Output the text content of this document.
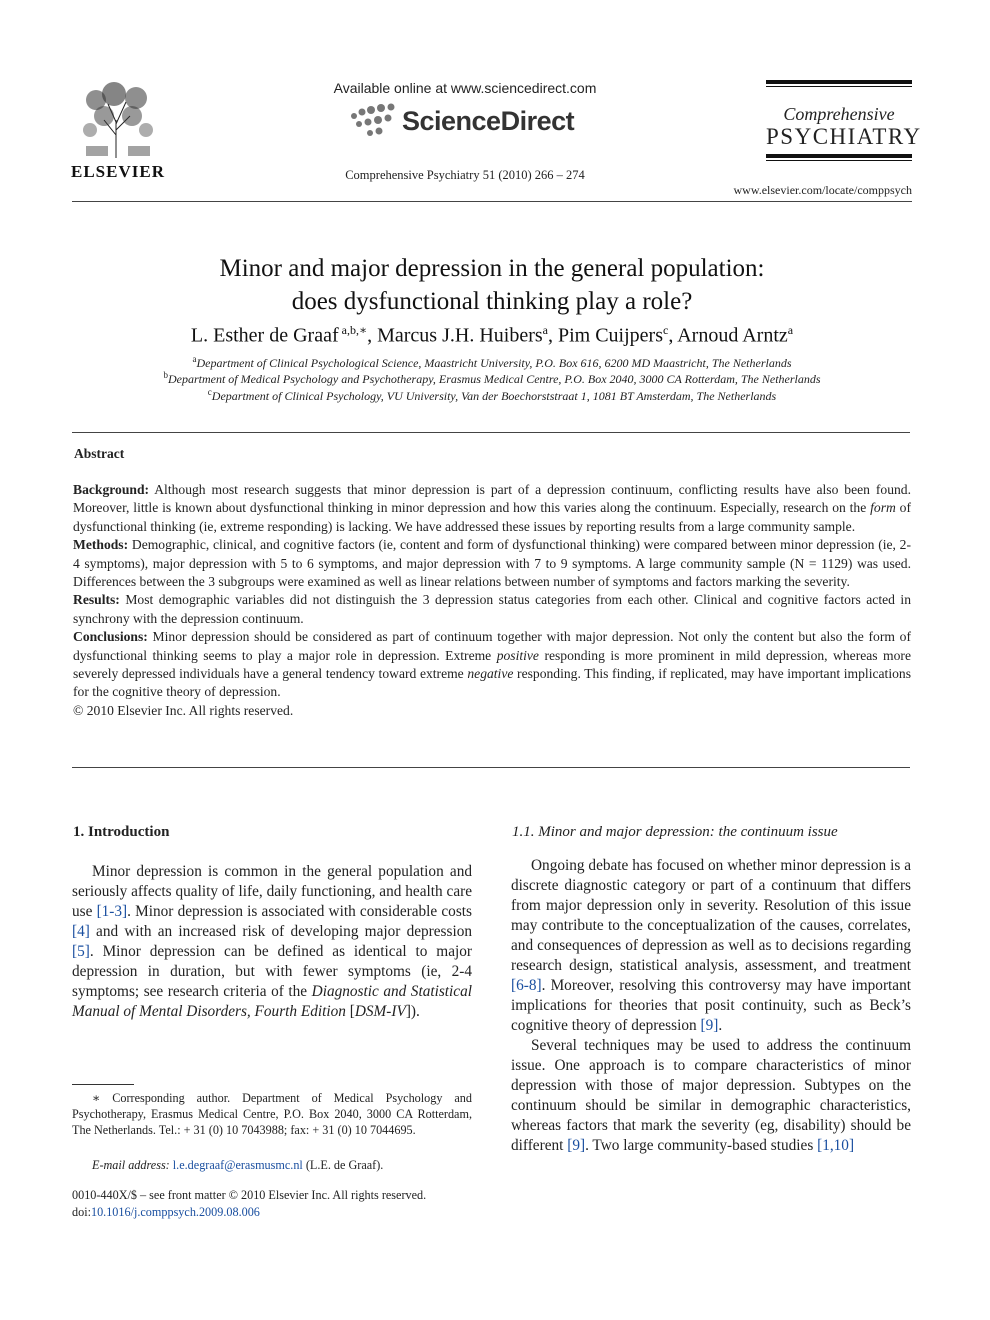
ELSEVIER
Available online at www.sciencedirect.com
ScienceDirect
Comprehensive Psychiatry 51 (2010) 266 – 274
Comprehensive
PSYCHIATRY
www.elsevier.com/locate/comppsych
Minor and major depression in the general population:
does dysfunctional thinking play a role?
L. Esther de Graaf $^{a,b,∗}$, Marcus J.H. Huibers$^a$, Pim Cuijpers$^c$, Arnoud Arntz$^a$
$^a$Department of Clinical Psychological Science, Maastricht University, P.O. Box 616, 6200 MD Maastricht, The Netherlands
$^b$Department of Medical Psychology and Psychotherapy, Erasmus Medical Centre, P.O. Box 2040, 3000 CA Rotterdam, The Netherlands
$^c$Department of Clinical Psychology, VU University, Van der Boechorststraat 1, 1081 BT Amsterdam, The Netherlands
Abstract

Background: Although most research suggests that minor depression is part of a depression continuum, conflicting results have also been found. Moreover, little is known about dysfunctional thinking in minor depression and how this varies along the continuum. Especially, research on the form of dysfunctional thinking (ie, extreme responding) is lacking. We have addressed these issues by reporting results from a large community sample.

Methods: Demographic, clinical, and cognitive factors (ie, content and form of dysfunctional thinking) were compared between minor depression (ie, 2-4 symptoms), major depression with 5 to 6 symptoms, and major depression with 7 to 9 symptoms. A large community sample (N = 1129) was used. Differences between the 3 subgroups were examined as well as linear relations between number of symptoms and factors marking the severity.

Results: Most demographic variables did not distinguish the 3 depression status categories from each other. Clinical and cognitive factors acted in synchrony with the depression continuum.

Conclusions: Minor depression should be considered as part of continuum together with major depression. Not only the content but also the form of dysfunctional thinking seems to play a major role in depression. Extreme positive responding is more prominent in mild depression, whereas more severely depressed individuals have a general tendency toward extreme negative responding. This finding, if replicated, may have important implications for the cognitive theory of depression.

© 2010 Elsevier Inc. All rights reserved.

1. Introduction	1.1. Minor and major depression: the continuum issue

Minor depression is common in the general population and seriously affects quality of life, daily functioning, and health care use [1-3]. Minor depression is associated with considerable costs [4] and with an increased risk of developing major depression [5]. Minor depression can be defined as identical to major depression in duration, but with fewer symptoms (ie, 2-4 symptoms; see research criteria of the Diagnostic and Statistical Manual of Mental Disorders, Fourth Edition [DSM-IV]).

Ongoing debate has focused on whether minor depression is a discrete diagnostic category or part of a continuum that differs from major depression only in severity. Resolution of this issue may contribute to the conceptualization of the causes, correlates, and consequences of depression as well as to decisions regarding research design, statistical analysis, assessment, and treatment [6-8]. Moreover, resolving this controversy may have important implications for theories that posit continuity, such as Beck’s cognitive theory of depression [9].

Several techniques may be used to address the continuum issue. One approach is to compare characteristics of minor depression with those of major depression. Subtypes on the continuum should be similar in demographic characteristics, whereas factors that mark the severity (eg, disability) should be different [9]. Two large community-based studies [1,10]

∗ Corresponding author. Department of Medical Psychology and Psychotherapy, Erasmus Medical Centre, P.O. Box 2040, 3000 CA Rotterdam, The Netherlands. Tel.: + 31 (0) 10 7043988; fax: + 31 (0) 10 7044695.

E-mail address: l.e.degraaf@erasmusmc.nl (L.E. de Graaf).
0010-440X/$ – see front matter © 2010 Elsevier Inc. All rights reserved.
doi:10.1016/j.comppsych.2009.08.006
